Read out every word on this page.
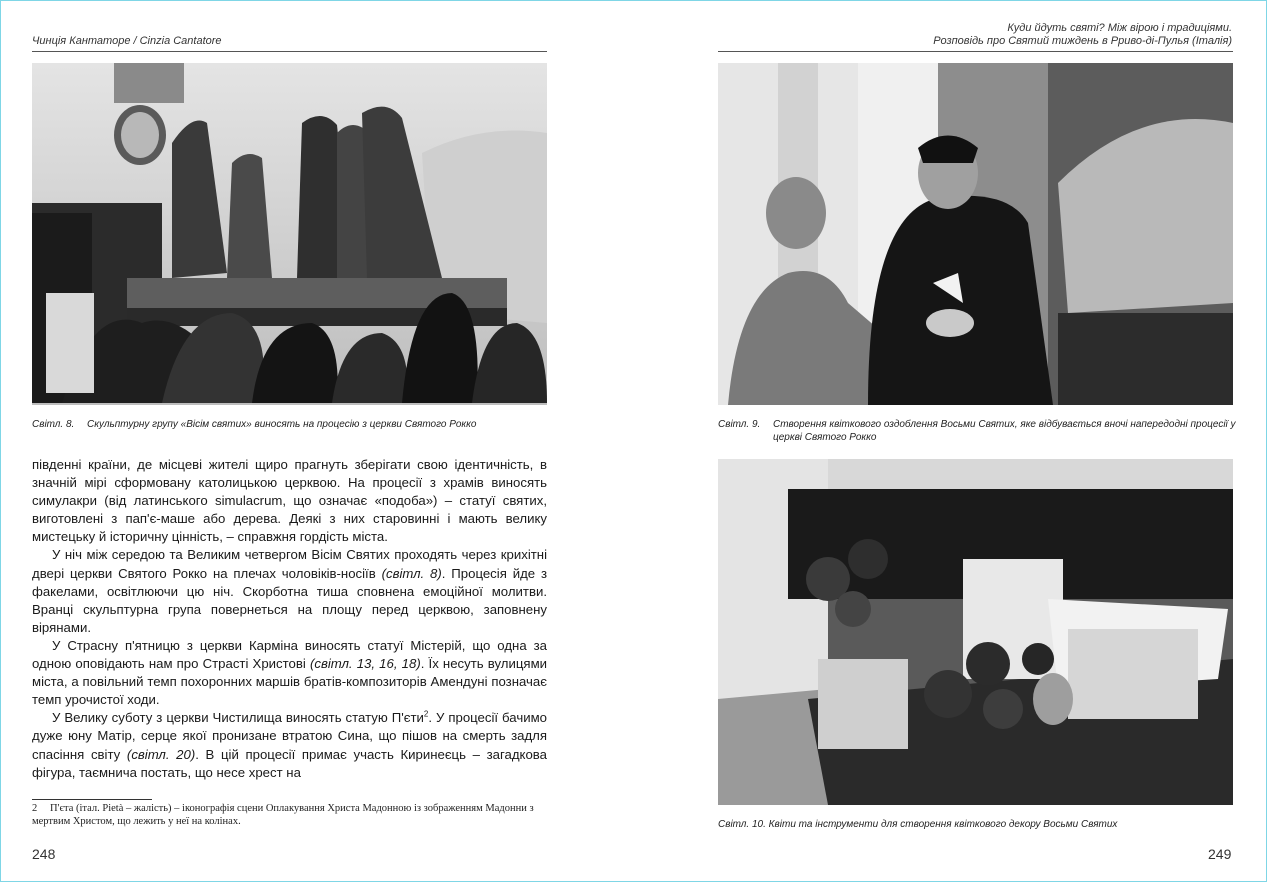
Чинція Кантаторе / Cinzia Cantatore
Світл. 8. Скульптурну групу «Вісім святих» виносять на процесію з церкви Святого Рокко

південні країни, де місцеві жителі щиро прагнуть зберігати свою ідентичність, в значній мірі сформовану католицькою церквою. На процесії з храмів виносять симулакри (від латинського simulacrum, що означає «подоба») – статуї святих, виготовлені з пап'є-маше або дерева. Деякі з них старовинні і мають велику мистецьку й історичну цінність, – справжня гордість міста.

У ніч між середою та Великим четвергом Вісім Святих проходять через крихітні двері церкви Святого Рокко на плечах чоловіків-носіїв (світл. 8). Процесія йде з факелами, освітлюючи цю ніч. Скорботна тиша сповнена емоційної молитви. Вранці скульптурна група повернеться на площу перед церквою, заповнену вірянами.

У Страсну п'ятницю з церкви Карміна виносять статуї Містерій, що одна за одною оповідають нам про Страсті Христові (світл. 13, 16, 18). Їх несуть вулицями міста, а повільний темп похоронних маршів братів-композиторів Амендуні позначає темп урочистої ходи.

У Велику суботу з церкви Чистилища виносять статую П'єти$^2$. У процесії бачимо дуже юну Матір, серце якої пронизане втратою Сина, що пішов на смерть задля спасіння світу (світл. 20). В цій процесії примає участь Киринеєць – загадкова фігура, таємнича постать, що несе хрест на

2 П'єта (італ. Pietà – жалість) – іконографія сцени Оплакування Христа Мадонною із зображенням Мадонни з мертвим Христом, що лежить у неї на колінах.
248
Куди йдуть святі? Між вірою і традиціями.
Розповідь про Святий тиждень в Рриво-ді-Пулья (Італія)
Світл. 9. Створення квіткового оздоблення Восьми Святих, яке відбувається вночі напередодні процесії у церкві Святого Рокко
Світл. 10. Квіти та інструменти для створення квіткового декору Восьми Святих
249
